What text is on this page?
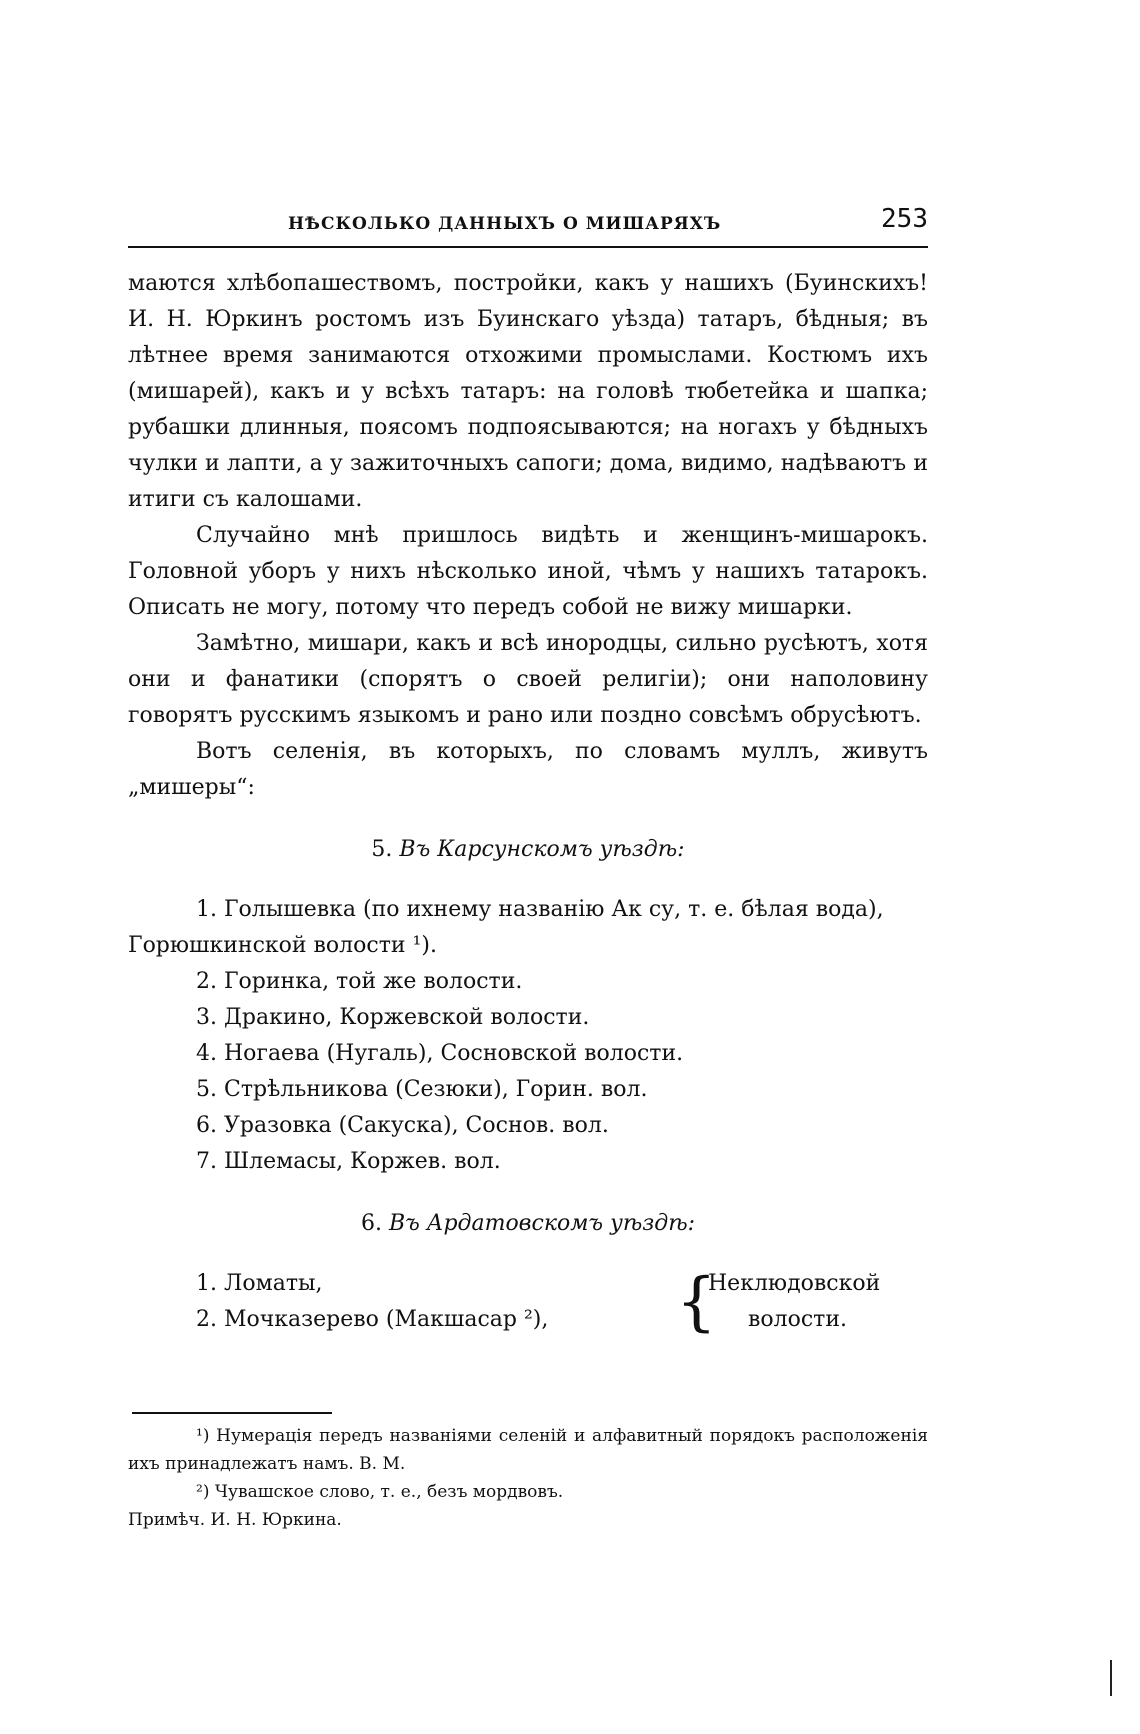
НѢСКОЛЬКО ДАННЫХЪ О МИШАРЯХЪ	253

маются хлѣбопашествомъ, постройки, какъ у нашихъ (Буинскихъ! И. Н. Юркинъ ростомъ изъ Буинскаго уѣзда) татаръ, бѣдныя; въ лѣтнее время занимаются отхожими промыслами. Костюмъ ихъ (мишарей), какъ и у всѣхъ татаръ: на головѣ тюбетейка и шапка; рубашки длинныя, поясомъ подпоясываются; на ногахъ у бѣдныхъ чулки и лапти, а у зажиточныхъ сапоги; дома, видимо, надѣваютъ и итиги съ калошами.

Случайно мнѣ пришлось видѣть и женщинъ-мишарокъ. Головной уборъ у нихъ нѣсколько иной, чѣмъ у нашихъ татарокъ. Описать не могу, потому что передъ собой не вижу мишарки.

Замѣтно, мишари, какъ и всѣ инородцы, сильно русѣютъ, хотя они и фанатики (спорятъ о своей религіи); они наполовину говорятъ русскимъ языкомъ и рано или поздно совсѣмъ обрусѣютъ.

Вотъ селенія, въ которыхъ, по словамъ муллъ, живутъ „мишеры“:

5. Въ Карсунскомъ уѣздѣ:
1. Голышевка (по ихнему названію Ак су, т. е. бѣлая вода), Горюшкинской волости ¹).
2. Горинка, той же волости.
3. Дракино, Коржевской волости.
4. Ногаева (Нугаль), Сосновской волости.
5. Стрѣльникова (Сезюки), Горин. вол.
6. Уразовка (Сакуска), Соснов. вол.
7. Шлемасы, Коржев. вол.
6. Въ Ардатовскомъ уѣздѣ:
1. Ломаты,
2. Мочказерево (Макшасар ²),	{
Неклюдовской
волости.

¹) Нумерація передъ названіями селеній и алфавитный порядокъ расположенія ихъ принадлежатъ намъ. В. М.

²) Чувашское слово, т. е., безъ мордвовъ.

Примѣч. И. Н. Юркина.
